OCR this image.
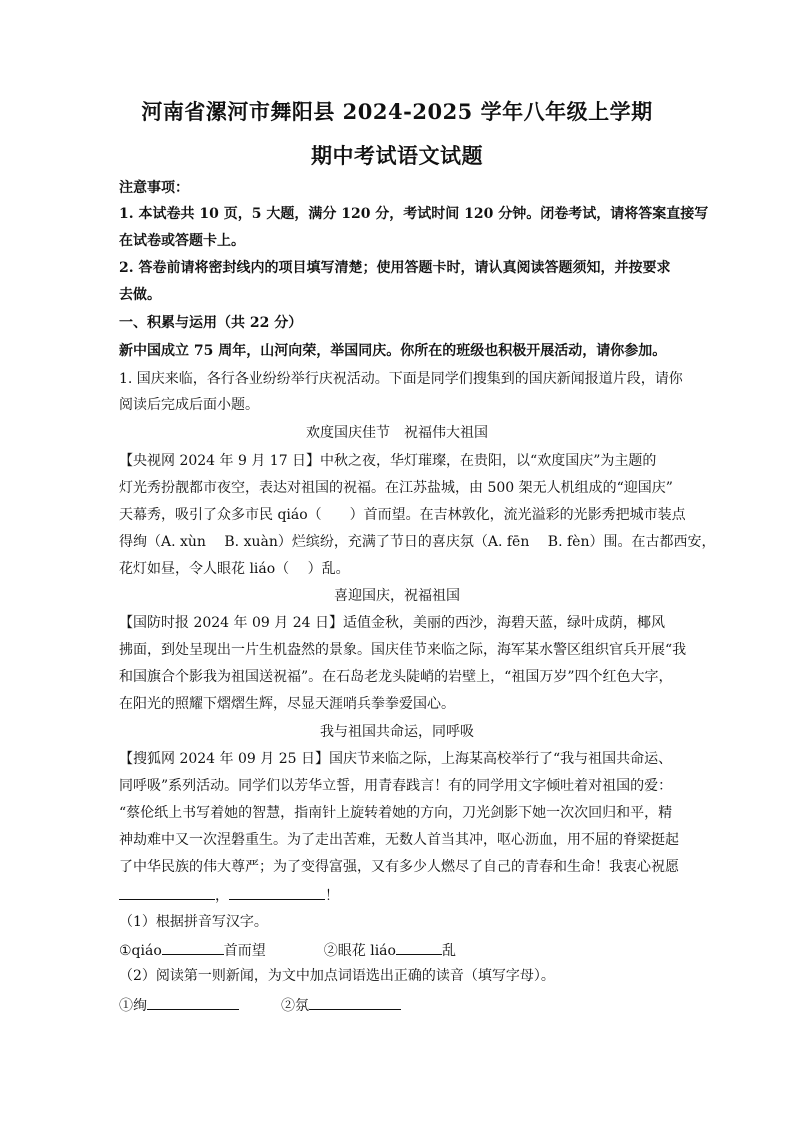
河南省漯河市舞阳县 2024-2025 学年八年级上学期
期中考试语文试题
注意事项：
1. 本试卷共 10 页，5 大题，满分 120 分，考试时间 120 分钟。闭卷考试，请将答案直接写
在试卷或答题卡上。
2. 答卷前请将密封线内的项目填写清楚；使用答题卡时，请认真阅读答题须知，并按要求
去做。
一、积累与运用（共 22 分）
新中国成立 75 周年，山河向荣，举国同庆。你所在的班级也积极开展活动，请你参加。
1. 国庆来临，各行各业纷纷举行庆祝活动。下面是同学们搜集到的国庆新闻报道片段，请你
阅读后完成后面小题。
欢度国庆佳节　祝福伟大祖国
【央视网 2024 年 9 月 17 日】中秋之夜，华灯璀璨，在贵阳，以“欢度国庆”为主题的
灯光秀扮靓都市夜空，表达对祖国的祝福。在江苏盐城，由 500 架无人机组成的“迎国庆”
天幕秀，吸引了众多市民 qiáo（　　）首而望。在吉林敦化，流光溢彩的光影秀把城市装点
得绚（A. xùn　 B. xuàn）烂缤纷，充满了节日的喜庆氛（A. fēn　 B. fèn）围。在古都西安，
花灯如昼，令人眼花 liáo（　 ）乱。
喜迎国庆，祝福祖国
【国防时报 2024 年 09 月 24 日】适值金秋，美丽的西沙，海碧天蓝，绿叶成荫，椰风
拂面，到处呈现出一片生机盎然的景象。国庆佳节来临之际，海军某水警区组织官兵开展“我
和国旗合个影我为祖国送祝福”。在石岛老龙头陡峭的岩壁上，“祖国万岁”四个红色大字，
在阳光的照耀下熠熠生辉，尽显天涯哨兵拳拳爱国心。
我与祖国共命运，同呼吸
【搜狐网 2024 年 09 月 25 日】国庆节来临之际，上海某高校举行了“我与祖国共命运、
同呼吸”系列活动。同学们以芳华立誓，用青春践言！有的同学用文字倾吐着对祖国的爱：
“蔡伦纸上书写着她的智慧，指南针上旋转着她的方向，刀光剑影下她一次次回归和平，精
神劫难中又一次涅磐重生。为了走出苦难，无数人首当其冲，呕心沥血，用不屈的脊梁挺起
了中华民族的伟大尊严；为了变得富强，又有多少人燃尽了自己的青春和生命！我衷心祝愿
，	！
（1）根据拼音写汉字。
①qiáo	首而望	②眼花 liáo	乱
（2）阅读第一则新闻，为文中加点词语选出正确的读音（填写字母）。
①绚	②氛
